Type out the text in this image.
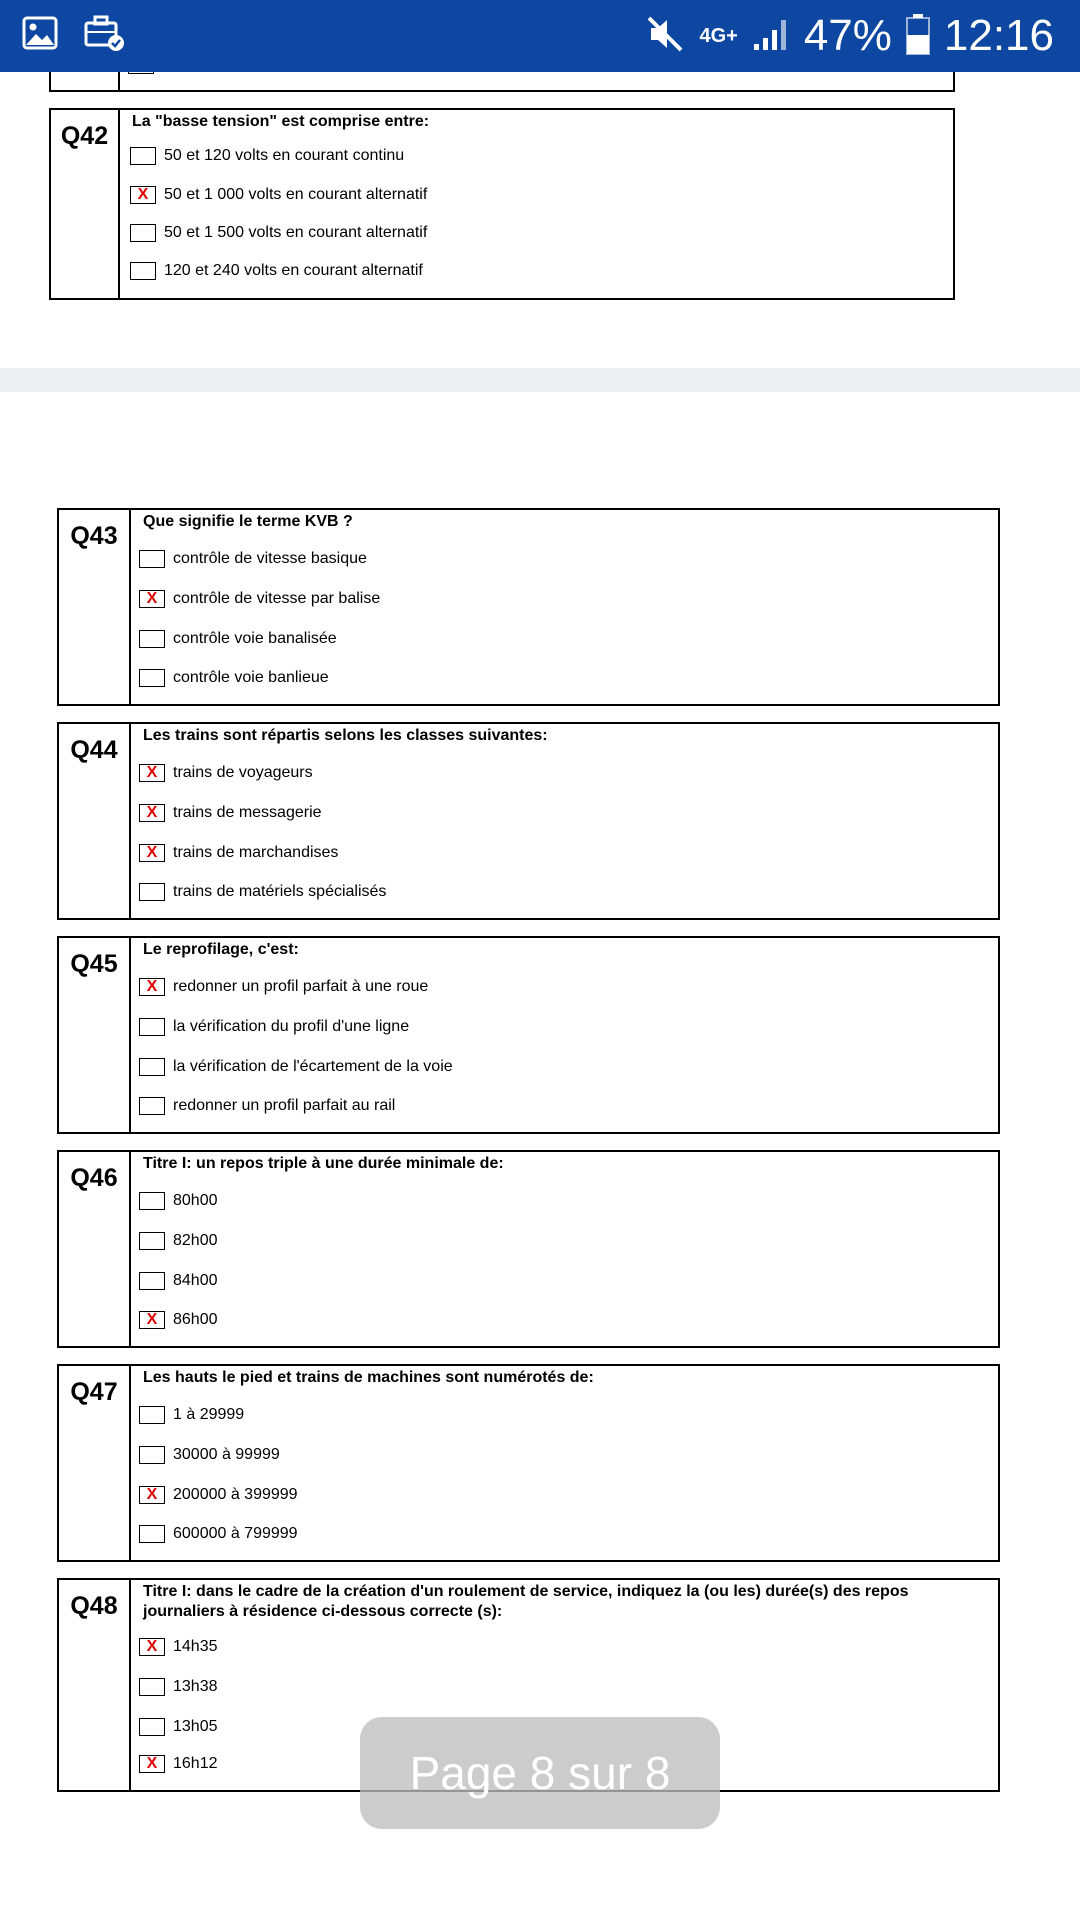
4G+ 47% 12:16
Q42
La "basse tension" est comprise entre:
50 et 120 volts en courant continu
X 50 et 1 000 volts en courant alternatif
50 et 1 500 volts en courant alternatif
120 et 240 volts en courant alternatif
Q43
Que signifie le terme KVB ?
contrôle de vitesse basique
X contrôle de vitesse par balise
contrôle voie banalisée
contrôle voie banlieue
Q44
Les trains sont répartis selons les classes suivantes:
X trains de voyageurs
X trains de messagerie
X trains de marchandises
trains de matériels spécialisés
Q45
Le reprofilage, c'est:
X redonner un profil parfait à une roue
la vérification du profil d'une ligne
la vérification de l'écartement de la voie
redonner un profil parfait au rail
Q46
Titre I: un repos triple à une durée minimale de:
80h00
82h00
84h00
X 86h00
Q47
Les hauts le pied et trains de machines sont numérotés de:
1 à 29999
30000 à 99999
X 200000 à 399999
600000 à 799999
Q48
Titre I: dans le cadre de la création d'un roulement de service, indiquez la (ou les) durée(s) des repos
journaliers à résidence ci-dessous correcte (s):
X 14h35
13h38
13h05
X 16h12	Page 8 sur 8
